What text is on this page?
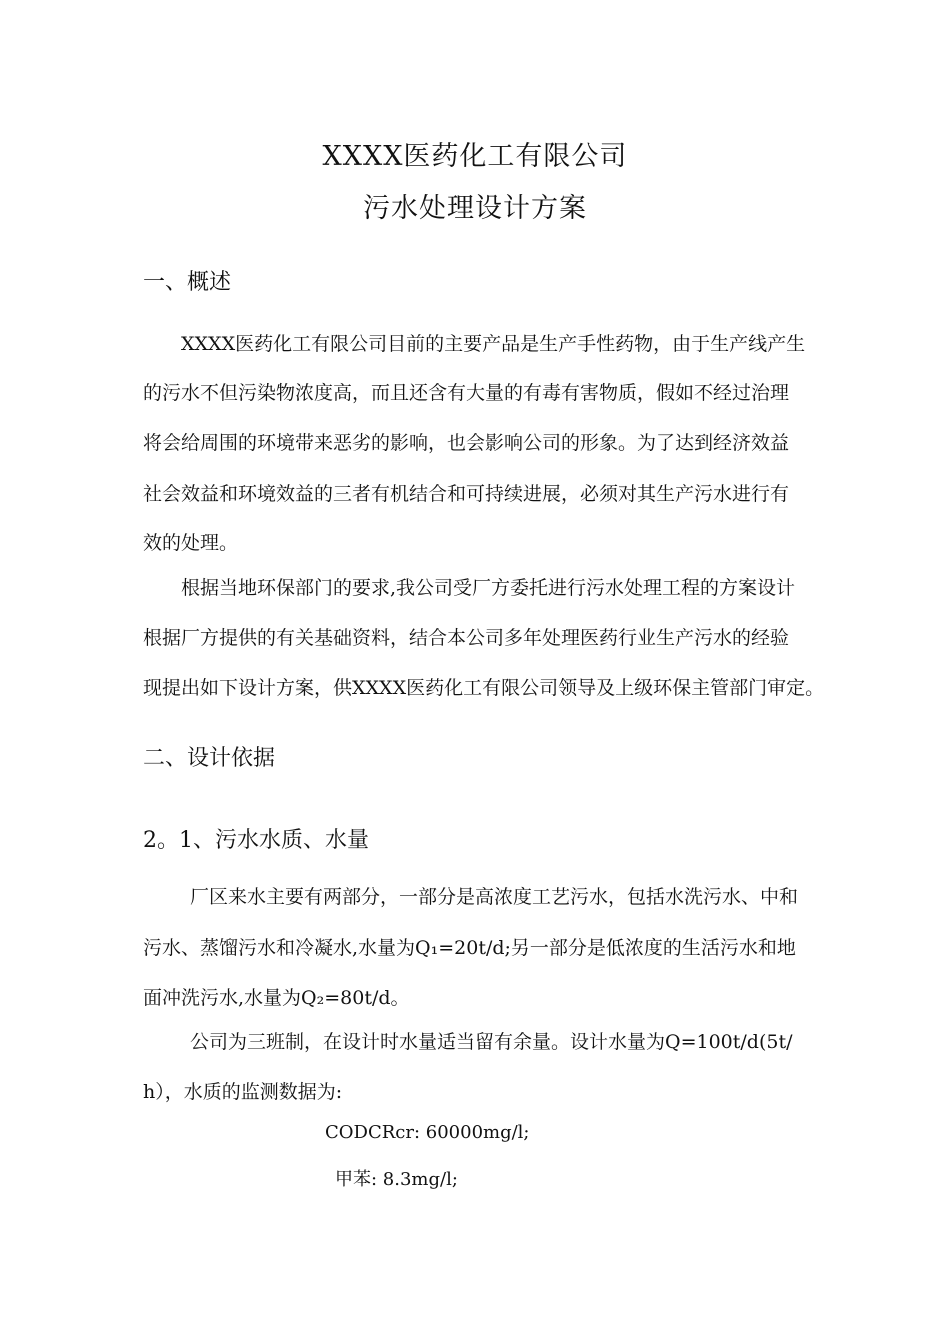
XXXX医药化工有限公司
污水处理设计方案
一、概述
XXXX医药化工有限公司目前的主要产品是生产手性药物，由于生产线产生
的污水不但污染物浓度高，而且还含有大量的有毒有害物质，假如不经过治理
将会给周围的环境带来恶劣的影响，也会影响公司的形象。为了达到经济效益
社会效益和环境效益的三者有机结合和可持续进展，必须对其生产污水进行有
效的处理。
根据当地环保部门的要求,我公司受厂方委托进行污水处理工程的方案设计
根据厂方提供的有关基础资料，结合本公司多年处理医药行业生产污水的经验
现提出如下设计方案，供XXXX医药化工有限公司领导及上级环保主管部门审定。
二、设计依据
2。1、污水水质、水量
厂区来水主要有两部分，一部分是高浓度工艺污水，包括水洗污水、中和
污水、蒸馏污水和冷凝水,水量为Q₁=20t/d;另一部分是低浓度的生活污水和地
面冲洗污水,水量为Q₂=80t/d。
公司为三班制，在设计时水量适当留有余量。设计水量为Q=100t/d(5t/
h），水质的监测数据为:
CODCRcr: 60000mg/l;
甲苯: 8.3mg/l;
